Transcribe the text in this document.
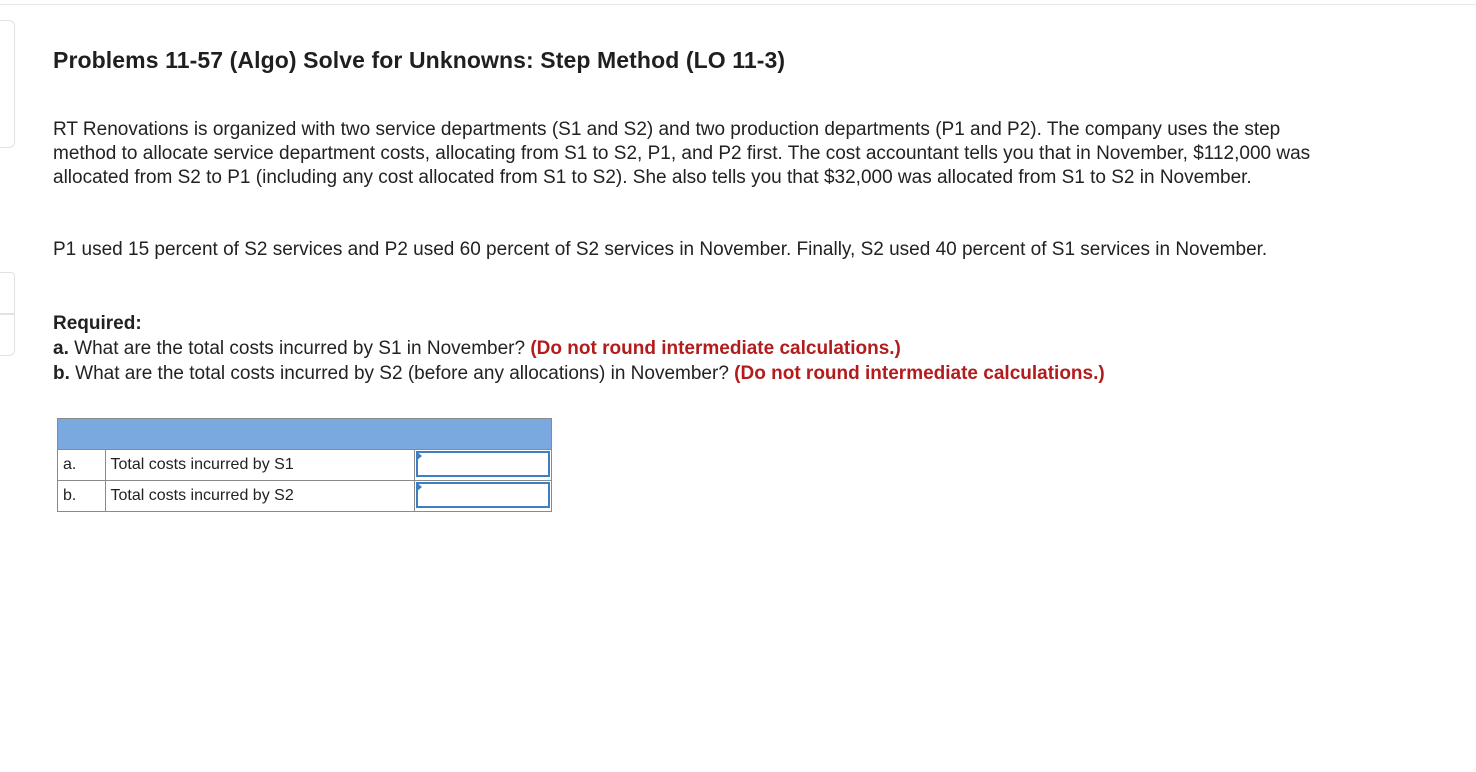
Problems 11-57 (Algo) Solve for Unknowns: Step Method (LO 11-3)

RT Renovations is organized with two service departments (S1 and S2) and two production departments (P1 and P2). The company uses the step method to allocate service department costs, allocating from S1 to S2, P1, and P2 first. The cost accountant tells you that in November, $112,000 was allocated from S2 to P1 (including any cost allocated from S1 to S2). She also tells you that $32,000 was allocated from S1 to S2 in November.

P1 used 15 percent of S2 services and P2 used 60 percent of S2 services in November. Finally, S2 used 40 percent of S1 services in November.

Required:
a. What are the total costs incurred by S1 in November? (Do not round intermediate calculations.)
b. What are the total costs incurred by S2 (before any allocations) in November? (Do not round intermediate calculations.)

a.	Total costs incurred by S1	

b.	Total costs incurred by S2	
